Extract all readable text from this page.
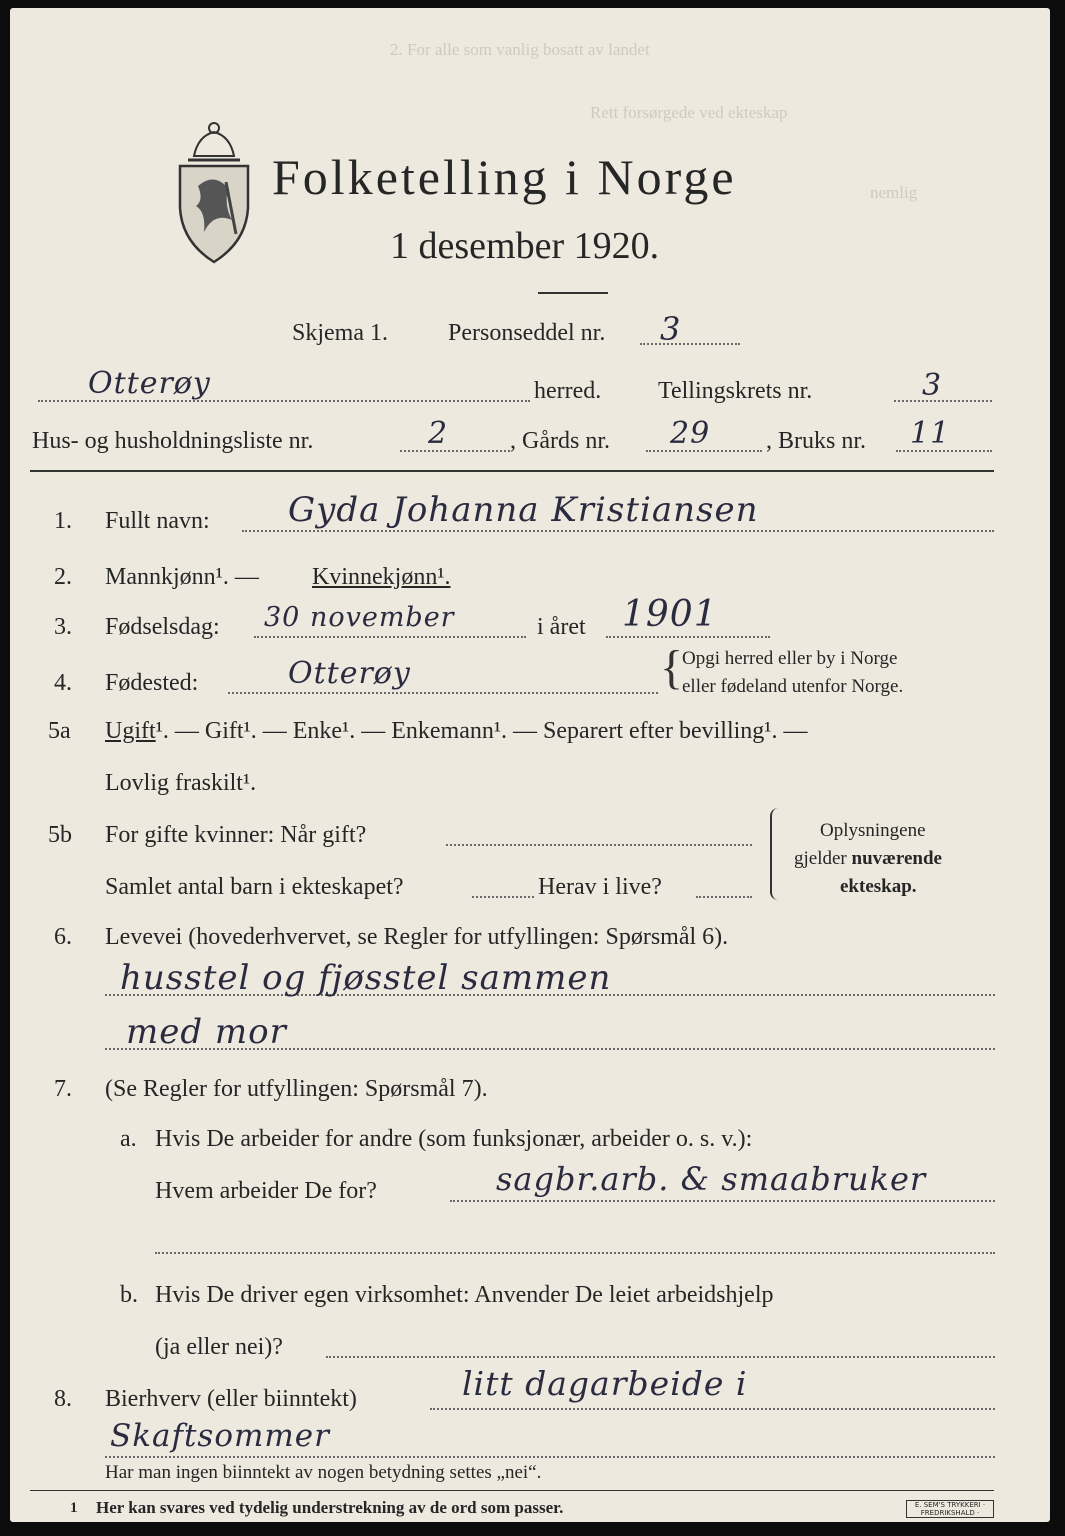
2. For alle som vanlig bosatt av landet
Rett forsørgede ved ekteskap
nemlig
Folketelling i Norge
1 desember 1920.
Skjema 1.	Personseddel nr. 3
Otterøy	herred. Tellingskrets nr.	3
Hus- og husholdningsliste nr.	2	, Gårds nr. 29 , Bruks nr. 11
1. Fullt navn: Gyda Johanna Kristiansen
2. Mannkjønn¹. — Kvinnekjønn¹.
3. Fødselsdag: 30 november	i året 1901
4. Fødested:	Otterøy	{
Opgi herred eller by i Norge
eller fødeland utenfor Norge.
5a Ugift¹. — Gift¹. — Enke¹. — Enkemann¹. — Separert efter bevilling¹. —
Lovlig fraskilt¹.
5b For gifte kvinner: Når gift?
Samlet antal barn i ekteskapet?	Herav i live?
Oplysningene
gjelder nuværende
ekteskap.
6. Levevei (hovederhvervet, se Regler for utfyllingen: Spørsmål 6).
husstel og fjøsstel sammen
med mor
7. (Se Regler for utfyllingen: Spørsmål 7).
a. Hvis De arbeider for andre (som funksjonær, arbeider o. s. v.):
Hvem arbeider De for?	sagbr.arb. & smaabruker
b. Hvis De driver egen virksomhet: Anvender De leiet arbeidshjelp
(ja eller nei)?
8. Bierhverv (eller biinntekt)	litt dagarbeide i
Skaftsommer
Har man ingen biinntekt av nogen betydning settes „nei“.
1 Her kan svares ved tydelig understrekning av de ord som passer.	E. SEM'S TRYKKERI · FREDRIKSHALD ·
